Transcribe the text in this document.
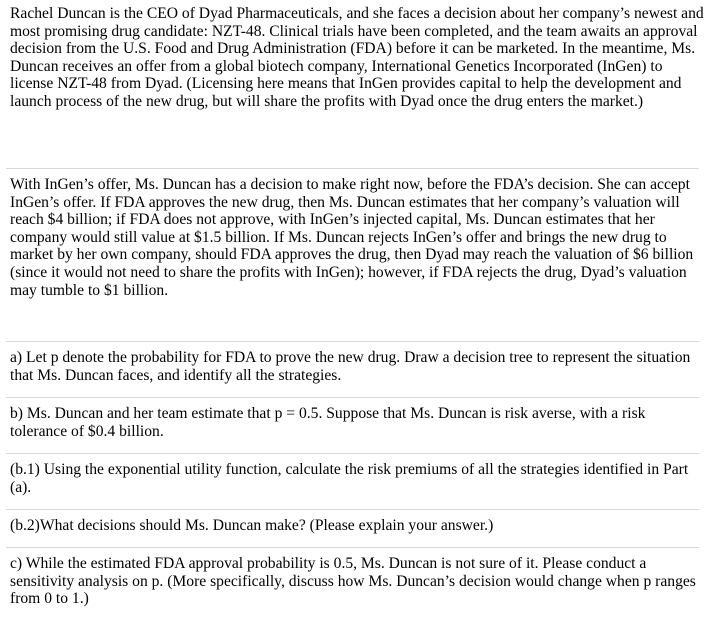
Rachel Duncan is the CEO of Dyad Pharmaceuticals, and she faces a decision about her company’s newest and most promising drug candidate: NZT-48. Clinical trials have been completed, and the team awaits an approval decision from the U.S. Food and Drug Administration (FDA) before it can be marketed. In the meantime, Ms. Duncan receives an offer from a global biotech company, International Genetics Incorporated (InGen) to license NZT-48 from Dyad. (Licensing here means that InGen provides capital to help the development and launch process of the new drug, but will share the profits with Dyad once the drug enters the market.)

With InGen’s offer, Ms. Duncan has a decision to make right now, before the FDA’s decision. She can accept InGen’s offer. If FDA approves the new drug, then Ms. Duncan estimates that her company’s valuation will reach $4 billion; if FDA does not approve, with InGen’s injected capital, Ms. Duncan estimates that her company would still value at $1.5 billion. If Ms. Duncan rejects InGen’s offer and brings the new drug to market by her own company, should FDA approves the drug, then Dyad may reach the valuation of $6 billion (since it would not need to share the profits with InGen); however, if FDA rejects the drug, Dyad’s valuation may tumble to $1 billion.

a) Let p denote the probability for FDA to prove the new drug. Draw a decision tree to represent the situation that Ms. Duncan faces, and identify all the strategies.

b) Ms. Duncan and her team estimate that p = 0.5. Suppose that Ms. Duncan is risk averse, with a risk tolerance of $0.4 billion.

(b.1) Using the exponential utility function, calculate the risk premiums of all the strategies identified in Part (a).

(b.2)What decisions should Ms. Duncan make? (Please explain your answer.)

c) While the estimated FDA approval probability is 0.5, Ms. Duncan is not sure of it. Please conduct a sensitivity analysis on p. (More specifically, discuss how Ms. Duncan’s decision would change when p ranges from 0 to 1.)
